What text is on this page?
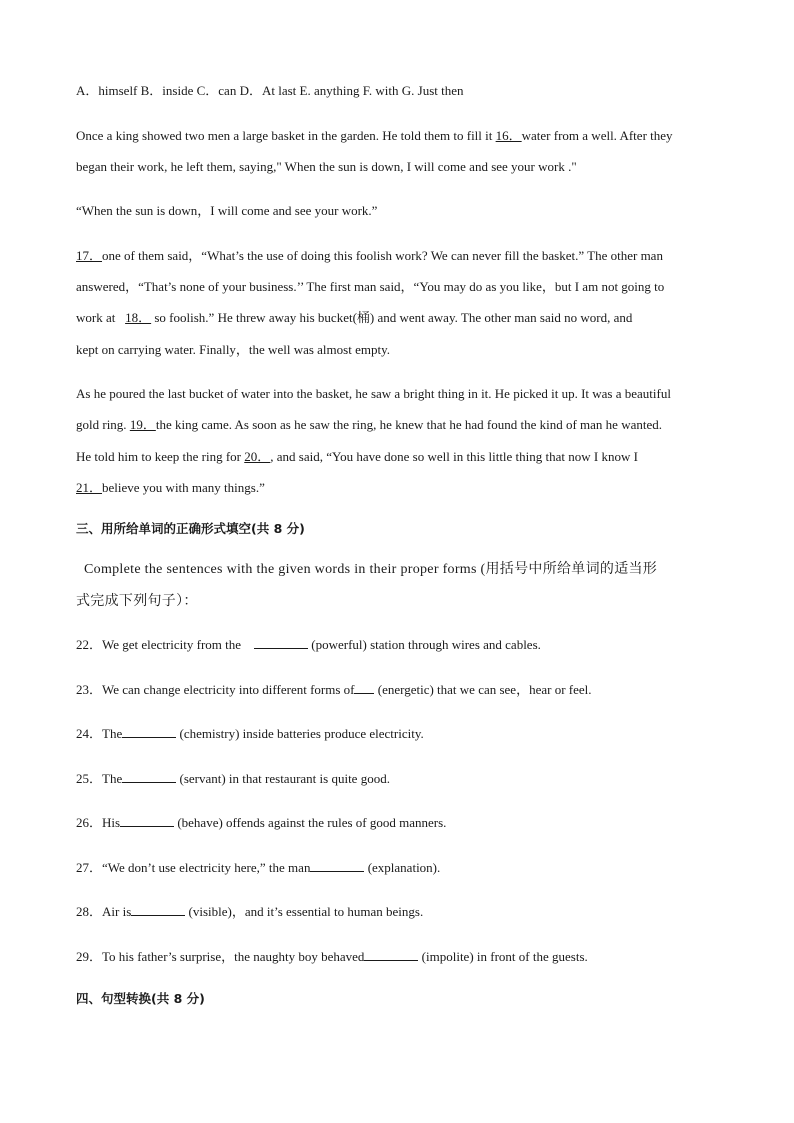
A．himself B．inside C．can D．At last E. anything F. with G. Just then
Once a king showed two men a large basket in the garden. He told them to fill it 16．water from a well. After they
began their work, he left them, saying," When the sun is down, I will come and see your work ."
“When the sun is down，I will come and see your work.”
17．one of them said，“What’s the use of doing this foolish work? We can never fill the basket.” The other man
answered，“That’s none of your business.’’ The first man said，“You may do as you like，but I am not going to
work at   18． so foolish.” He threw away his bucket(桶) and went away. The other man said no word, and
kept on carrying water. Finally，the well was almost empty.
As he poured the last bucket of water into the basket, he saw a bright thing in it. He picked it up. It was a beautiful
gold ring. 19．the king came. As soon as he saw the ring, he knew that he had found the kind of man he wanted.
He told him to keep the ring for 20．, and said, “You have done so well in this little thing that now I know I
21．believe you with many things.”
三、用所给单词的正确形式填空(共 8 分)
Complete the sentences with the given words in their proper forms (用括号中所给单词的适当形
式完成下列句子）：
22．We get electricity from the	(powerful) station through wires and cables.
23．We can change electricity into different forms of (energetic) that we can see，hear or feel.
24．The	(chemistry) inside batteries produce electricity.
25．The	(servant) in that restaurant is quite good.
26．His	(behave) offends against the rules of good manners.
27．“We don’t use electricity here,” the man	(explanation).
28．Air is	(visible)，and it’s essential to human beings.
29．To his father’s surprise，the naughty boy behaved	(impolite) in front of the guests.
四、句型转换(共 8 分)
